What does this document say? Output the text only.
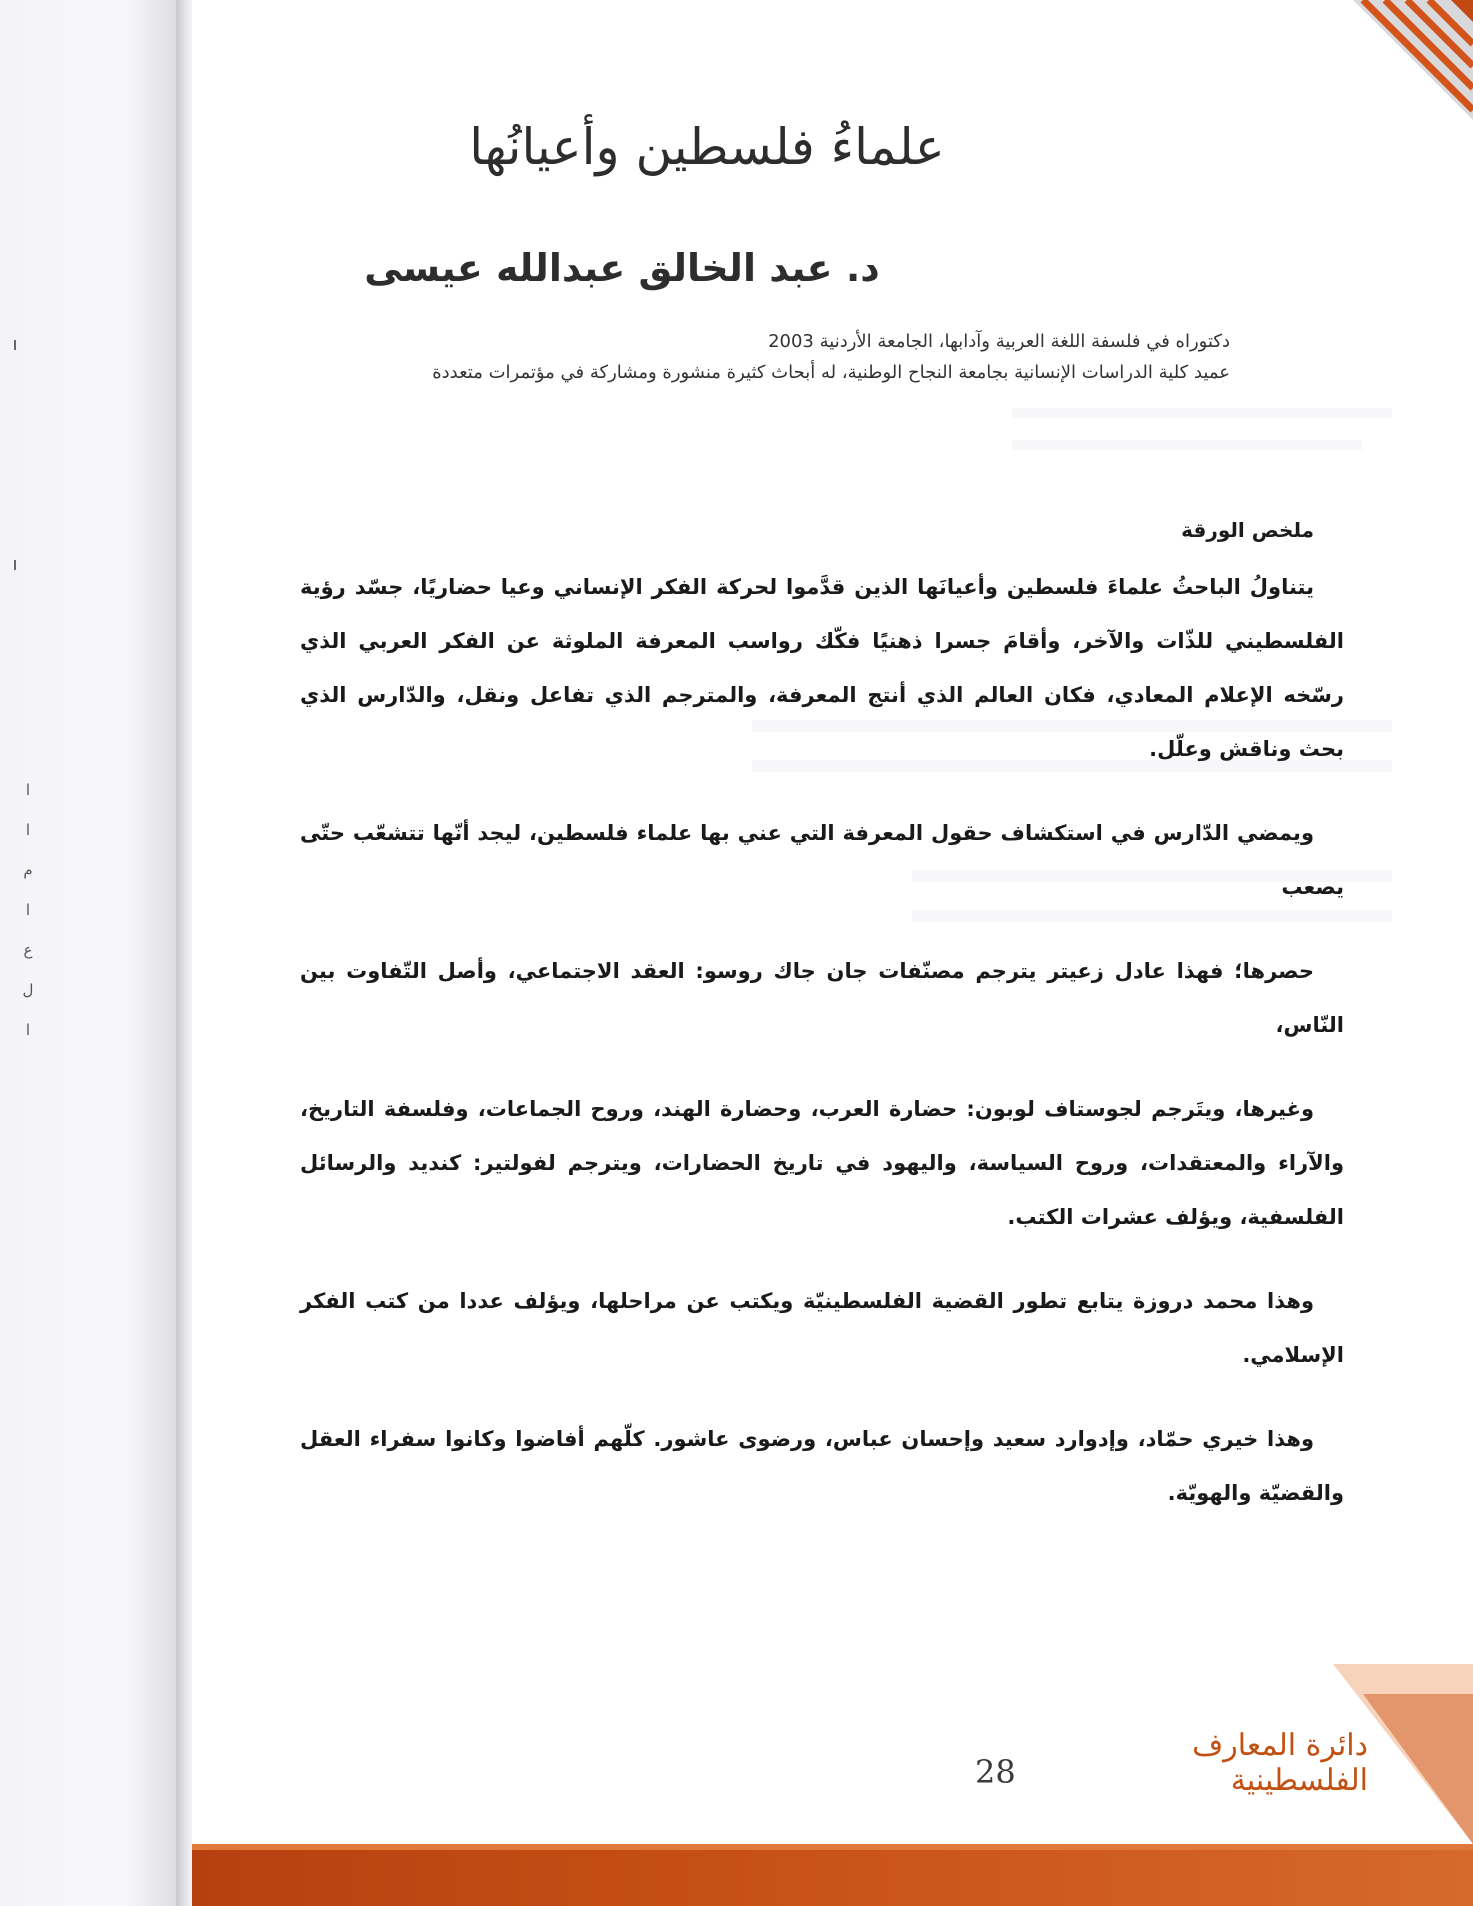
ا
ا
م
ا
ع
ل
ا
علماءُ فلسطين وأعيانُها
د. عبد الخالق عبدالله عيسى
دكتوراه في فلسفة اللغة العربية وآدابها، الجامعة الأردنية 2003
عميد كلية الدراسات الإنسانية بجامعة النجاح الوطنية، له أبحاث كثيرة منشورة ومشاركة في مؤتمرات متعددة
ملخص الورقة

يتناولُ الباحثُ علماءَ فلسطين وأعيانَها الذين قدَّموا لحركة الفكر الإنساني وعيا حضاريًا، جسّد رؤية الفلسطيني للذّات والآخر، وأقامَ جسرا ذهنيًا فكّك رواسب المعرفة الملوثة عن الفكر العربي الذي رسّخه الإعلام المعادي، فكان العالم الذي أنتج المعرفة، والمترجم الذي تفاعل ونقل، والدّارس الذي بحث وناقش وعلّل.

ويمضي الدّارس في استكشاف حقول المعرفة التي عني بها علماء فلسطين، ليجد أنّها تتشعّب حتّى يصعب

حصرها؛ فهذا عادل زعيتر يترجم مصنّفات جان جاك روسو: العقد الاجتماعي، وأصل التّفاوت بين النّاس،

وغيرها، ويتَرجم لجوستاف لوبون: حضارة العرب، وحضارة الهند، وروح الجماعات، وفلسفة التاريخ، والآراء والمعتقدات، وروح السياسة، واليهود في تاريخ الحضارات، ويترجم لفولتير: كنديد والرسائل الفلسفية، ويؤلف عشرات الكتب.

وهذا محمد دروزة يتابع تطور القضية الفلسطينيّة ويكتب عن مراحلها، ويؤلف عددا من كتب الفكر الإسلامي.

وهذا خيري حمّاد، وإدوارد سعيد وإحسان عباس، ورضوى عاشور. كلّهم أفاضوا وكانوا سفراء العقل والقضيّة والهويّة.

28
دائرة المعارف الفلسطينية
